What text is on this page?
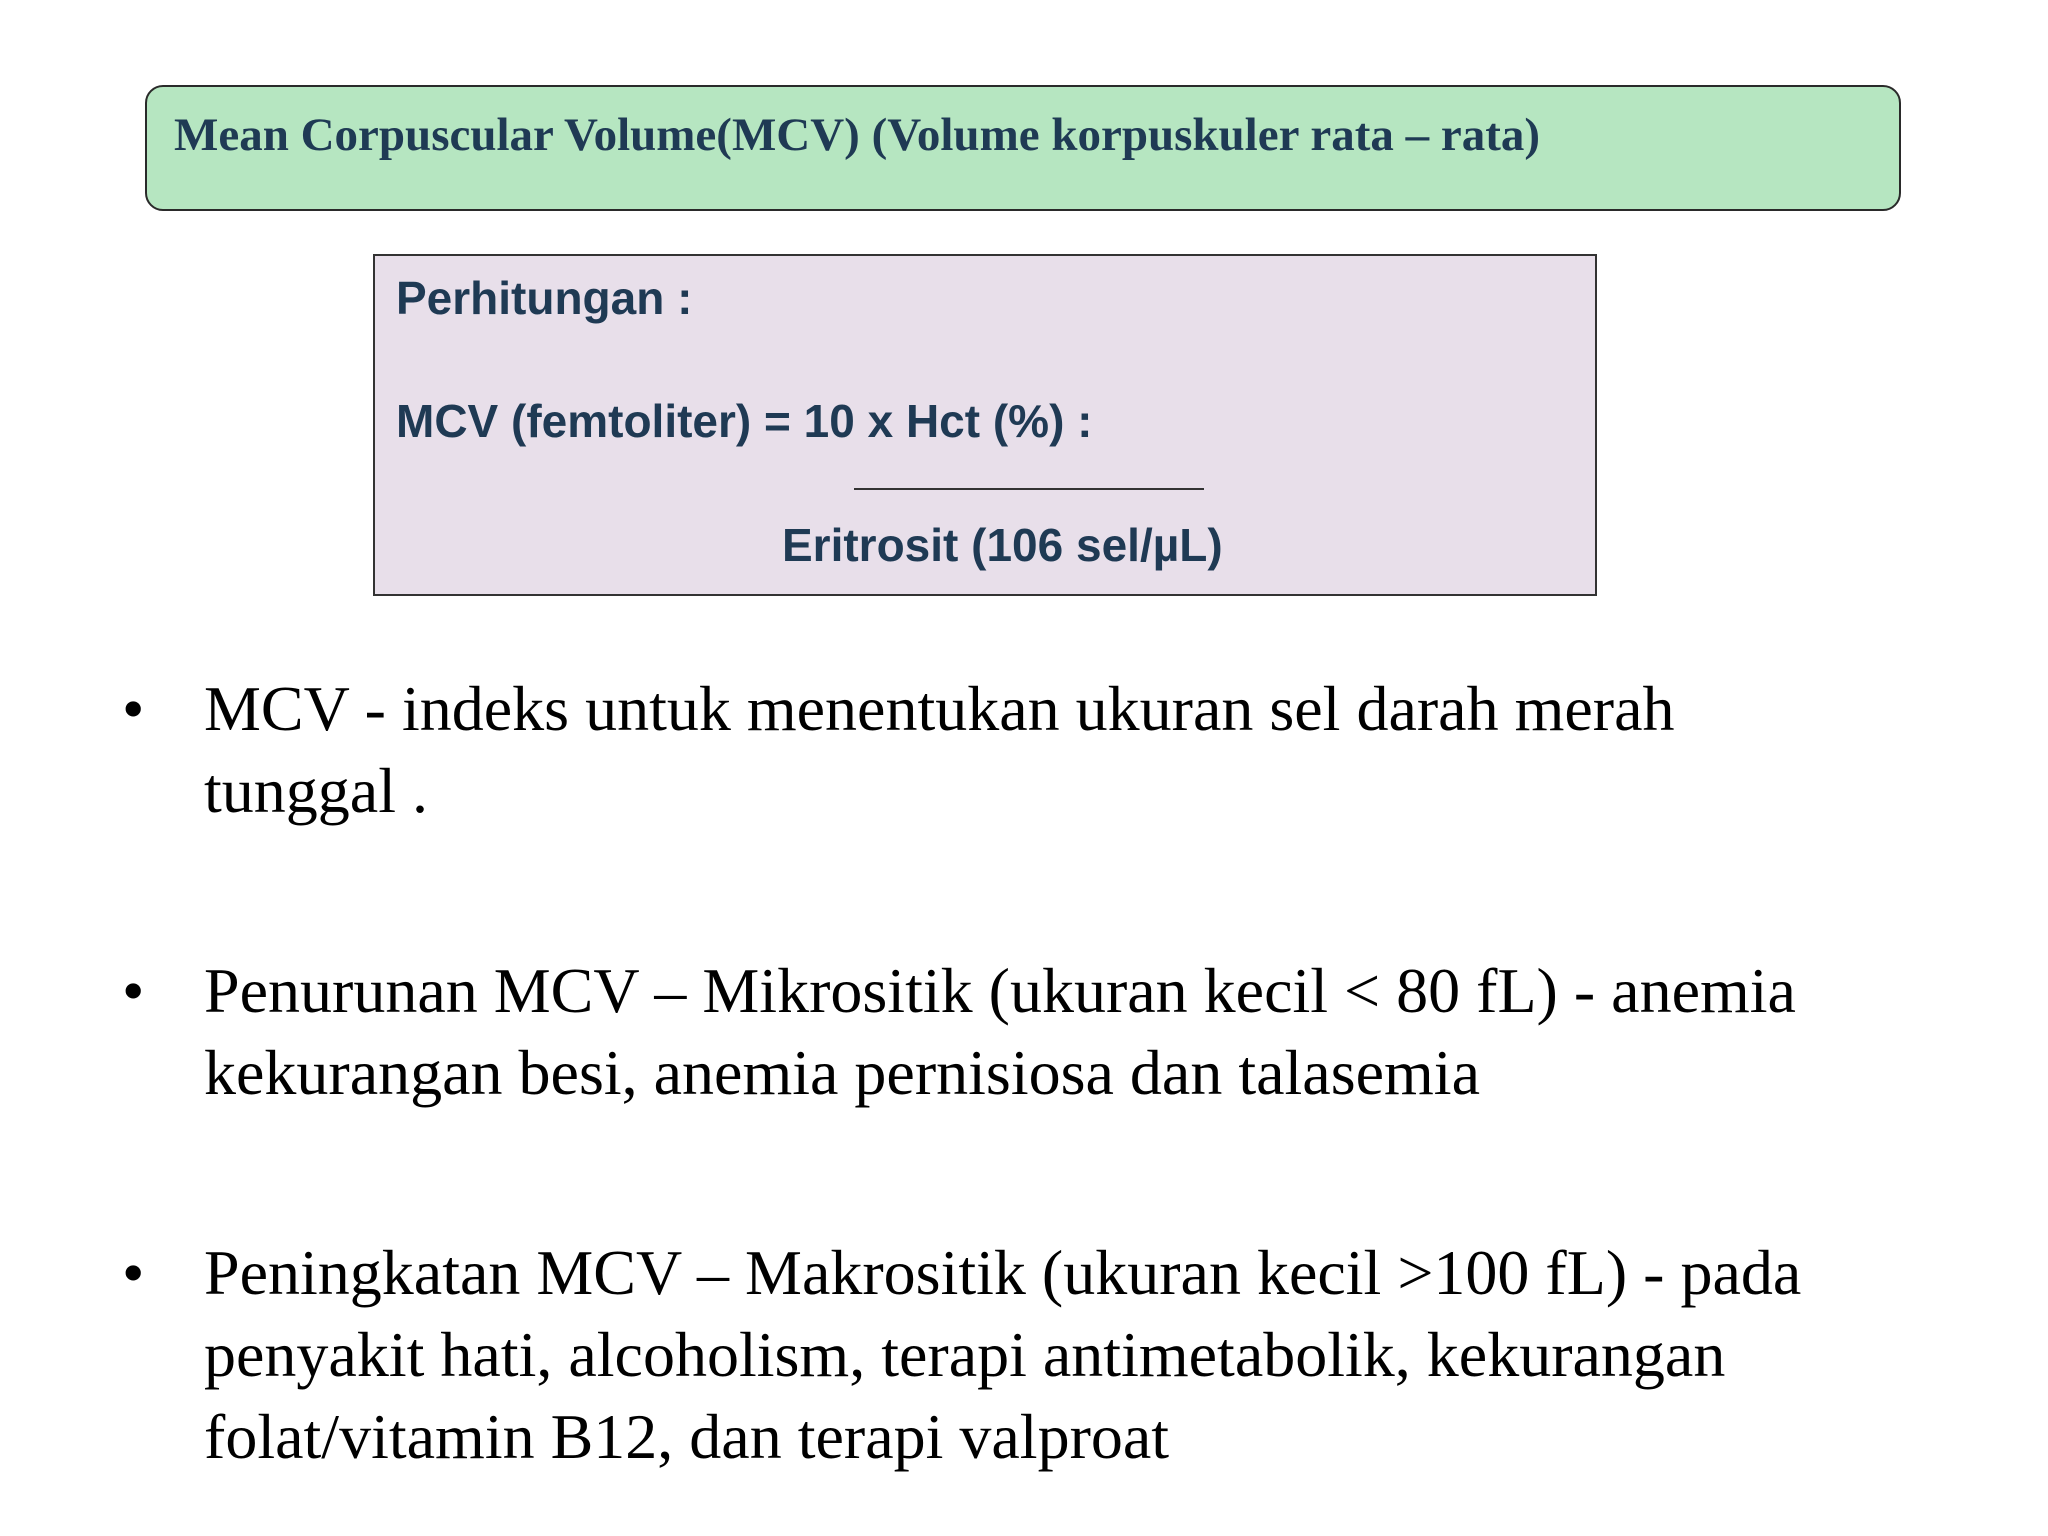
Mean Corpuscular Volume(MCV) (Volume korpuskuler rata – rata)
Perhitungan :
MCV (femtoliter) = 10 x Hct (%) :
Eritrosit (106 sel/µL)
• MCV - indeks untuk menentukan ukuran sel darah merah
tunggal .
• Penurunan MCV – Mikrositik (ukuran kecil < 80 fL) - anemia
kekurangan besi, anemia pernisiosa dan talasemia
• Peningkatan MCV – Makrositik (ukuran kecil >100 fL) - pada
penyakit hati, alcoholism, terapi antimetabolik, kekurangan
folat/vitamin B12, dan terapi valproat
